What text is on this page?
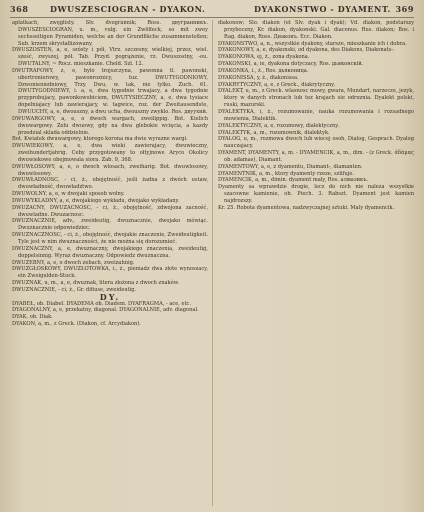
368	DWUSZESCIOGRAN - DYAKON.	DYAKONSTWO - DYAMENT. 369

aplatkach, zwęglistý. Slv. dvogránnik; Ross. двугранникъ. DWUSZESCIOGRAN, u. m., vulg. ein Zwölfeck, so mit zwey sechsseitigen Pyramiden, welche an der Grundfläche zusammenstoßen; Sub. krzem skrystallizowany.

DWUSZOSTEN, a, e, szósty i pół, Vtrz. szczesny, wielkiej, przez, wiel. sześć, zwyszej, pół. Tab. Przyd. pogrążenie, rz. Dwuszostny, -ou. DWUTALNY, ~ Rocz. mieszkanie. Cheld. Szl. 12.

DWUTRAFOWY, z, e, bylo trojszczyna, pawonna tl. pawonski, ubertronierowy, pawonroznicy, tuz. DWUTYGODNIOWY, Dzwonieniedniowy, Trzy. Dwu, w. tak, nie tylko. Zuch. 61. DWUTYGODNIEWY, i. a, e, dwa tygodnie trwajacy, a dwa tygodnie przyprobujacy, pawonkowobiciem, DWUTYSIECZNY, a, e, dwa tysiace dopelniajacy lub zawierajacy, w. tagwice, roz. der Zweitausendste, DWUUCHY, a, e, dwouszny, a dwu ucha, dwouszny zwyklo. Ros. двуухий.

DWUWARGOWY, a, e, o dwoch wargach, zweilippig. Bot. Kielich dwuwargowy. Zelu dwuowy, gdy na dwa glebokie wcięcia, a kazdy przedzial sklada oddzielnie.

Bot. Kwiatek dwuwargowy, ktorego korona ma dwie wyrazne wargi.

DWUWIEKOWY, a, e, dwa wieki zawierajacy, dwuwieczny, zweihundertjahrig. Ceby przygotowany to ołtyjnowe Aryco Okolicy dwuwiekowe obejmowala siora. Zab. 9, 368.

DWUWŁOSOWY, a, e, o dwoch wlosach, zweiharig. Bot. dwuwlosowy, dwuwlosowy.

DWUWŁADNOSC, - ci, ż., obojętność, jeśli żadna z dwóch ustaw, dwuwładność, dwuwładztwo.

DWUWOLNY, a, e, w dwojaki sposob wolny.

DWUWYKLADNY, a, e, dwojakiego wykładu, dwojako wykładany.

DWUZACNY, DWUZACNOSC, - ci, ż., obojętność, zdwojona zacność, dwuwladne. Dwuzacnosc.

DWUZNACZNIE, adv., zweideutig, dwuznacznie, dwojako mówiąc. Dwuznacznie odpowiedziec.

DWUZNACZNOSC, - ci, ż., obojętność, dwojakie znaczenie, Zweideutigkeit. Tyle jest w nim dwuznaczności, że nie można się dorozumieć.

DWUZNACZNY, a, e, dwuznaczny, dwojakiego znaczenia, zweideutig, doppelsinnig. Wyraz dwuznaczny. Odpowiedz dwuznaczna.

DWUZEBNY, a, e, o dwoch zebach, zweizahnig.

DWUZGŁOSKOWY, DWUZŁOTOWKA, i., ż., pieniadz dwa złote wynoszacy, ein Zweigulden-Stuck.

DWUZNAK, u, m., a, e, dwuznak, litera złożona z dwoch znaków.

DWUZNACZNIE, - ci, ż., Gr. difiuse, zweideutig.

DY.

DYABEŁ, ob. Diabeł. DYADEMA ob. Diadem. DYAFRAGMA, - ace, etc.

DYAGONALNY, a, e, przekatny, diagonal. DYAGONALNIE, adv. diagonal.

DYAK, ob. Diak.

DYAKON, a, m., z Greck. (Diakon, cf. Arcydiakon).

diakonow; Slo. diakon (et Slv. dyak i dyak); Vd. diakon, podstarszy przyboczny, Kr. diakon, dyakonski. Gal. diaconus. Rus. diakon; Bos. i Rag. diakon, Ross. Диаконъ. Ecc. Diakon.

DYAKONSTWO, a, n., wszystkie dyakony, starsze, mieszkanie ich i dobra.

DYAKONOWY, a, e, dyakonski, od dyakona, des Diakons, Diakonats-.

DYAKONOWA, ej, ż., zona dyakona.

DYAKONSKI, a, ie, dyakona dotyczacy, Ros. дьяконскій.

DYAKONKA, i., ż., Ros. дьяконица.

DYAKONISSA, y, ż., diakonissa.

DYAKRYTYCZNY, a, e, z Greck., diakrytyczny.

DYALEKT, u, m., z Greck. wlasnosc mowy, gwara, Mundart, narzecze, jezyk, ktory w danych stronach lub tez krajach sie odroznia. Dyalekt polski, ruski, mazurski.

DYALEKTYKA, i, ż., rozumowanie, nauka rozumowania i rozsadnego mowienia, Dialektik.

DYALEKTYCZNY, a, e, rozumowy, dialektyczny.

DYALEKTYK, a, m., rozumownik, dialektyk.

DYALOG, u, m., rozmowa dwoch lub wiecej osob, Dialog, Gesprach. Dyalog nauczajacy.

DYAMENT, DYAMENTY, a, m. - DYAMENCIK, a, m., dim. - (z Greck. ἀδάμας ob. adamas), Diamant.

DYAMENTOWY, a, e, z dyamentu, Diamant-, diamanten.

DYAMENTNIK, a, m., ktory dyamenty rzeze, szlifuje.

DYAMENCIK, a, m., dimin. dyament maly, Ros. алмазикъ.

Dyamenty sa wprawdzie drogie, lecz do nich nie naleza wszystkie szacowne kamienie, ob. Piech. 3. Rabszt. Dyament jest kamien najdrozszy.

Kr. 25. Robota dyamentowa, nadzwyczajnej sztuki. Maly dyamencik.
